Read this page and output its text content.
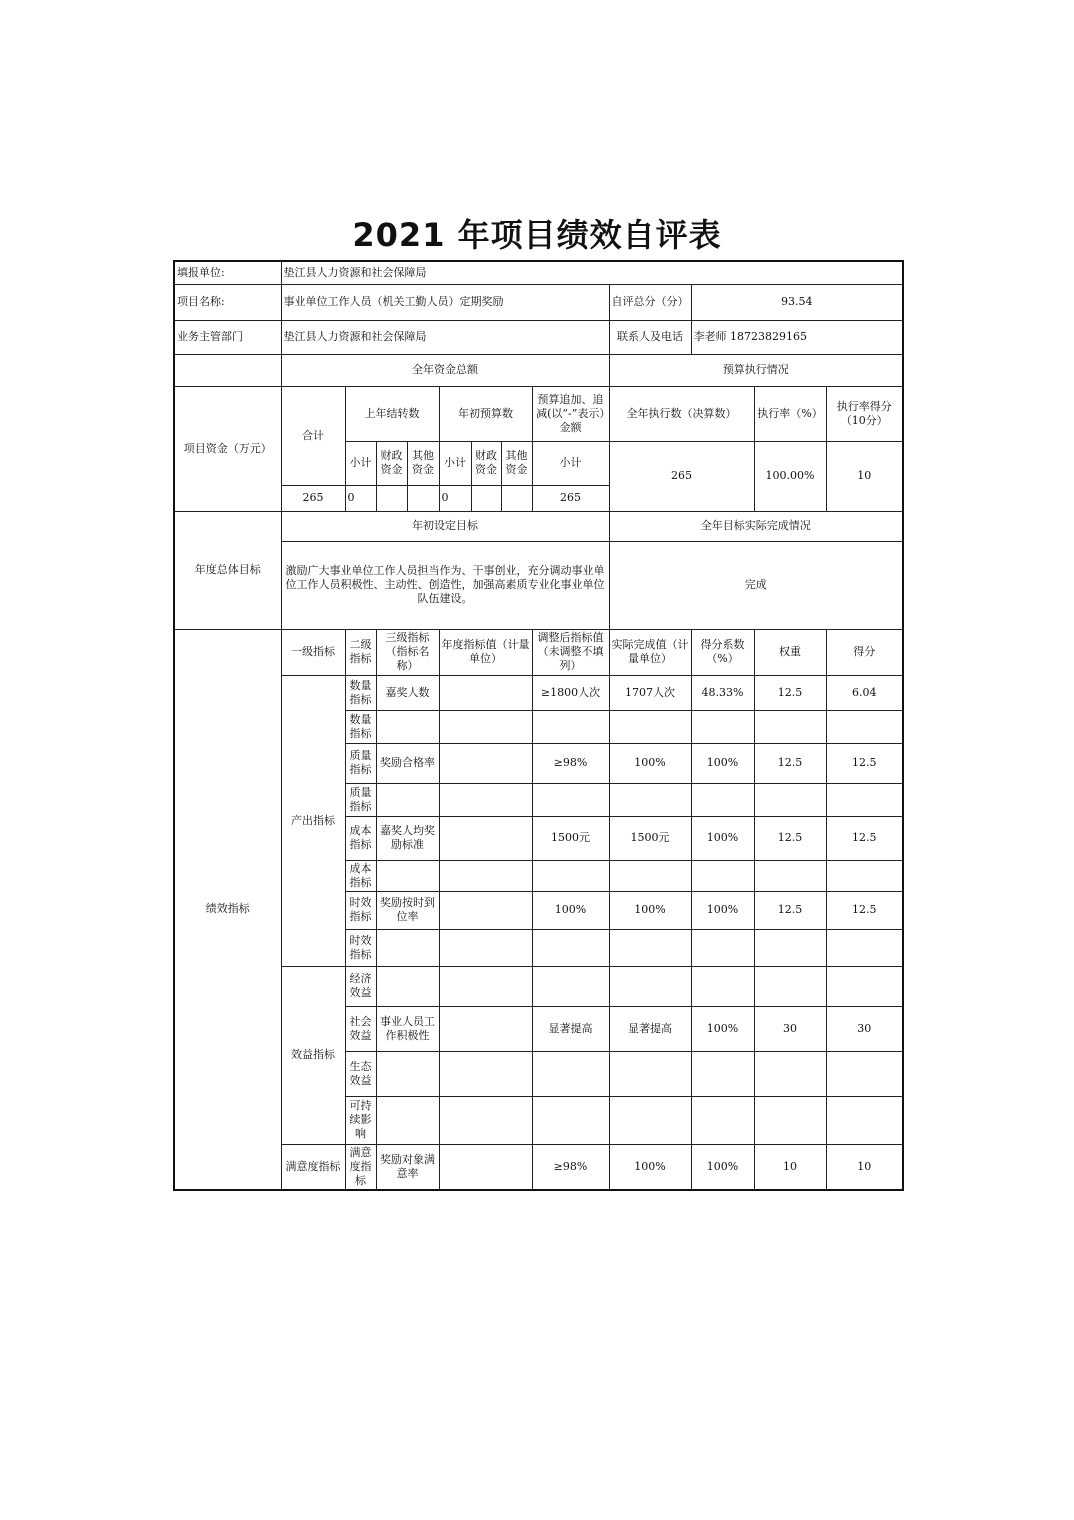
2021 年项目绩效自评表
填报单位:	垫江县人力资源和社会保障局											
项目名称:	事业单位工作人员（机关工勤人员）定期奖励								自评总分（分）	93.54		
业务主管部门	垫江县人力资源和社会保障局								联系人及电话	李老师 18723829165		
	全年资金总额								预算执行情况			
项目资金（万元）	合计	上年结转数			年初预算数			预算追加、追减(以“-”表示）金额	全年执行数（决算数）		执行率（%）	执行率得分（10分）
		小计	财政资金	其他资金	小计	财政资金	其他资金	小计	265		100.00%	10
	265	0			0			265				
年度总体目标	年初设定目标								全年目标实际完成情况			
	激励广大事业单位工作人员担当作为、干事创业，充分调动事业单位工作人员积极性、主动性、创造性，加强高素质专业化事业单位队伍建设。								完成			
绩效指标	一级指标	二级指标	三级指标（指标名称）		年度指标值（计量单位）			调整后指标值（未调整不填列）	实际完成值（计量单位）	得分系数（%）	权重	得分
	产出指标	数量指标	嘉奖人数					≥1800人次	1707人次	48.33%	12.5	6.04
		数量指标										
		质量指标	奖励合格率					≥98%	100%	100%	12.5	12.5
		质量指标										
		成本指标	嘉奖人均奖励标准					1500元	1500元	100%	12.5	12.5
		成本指标										
		时效指标	奖励按时到位率					100%	100%	100%	12.5	12.5
		时效指标										
	效益指标	经济效益										
		社会效益	事业人员工作积极性					显著提高	显著提高	100%	30	30
		生态效益										
		可持续影响										
	满意度指标	满意度指标	奖励对象满意率					≥98%	100%	100%	10	10
